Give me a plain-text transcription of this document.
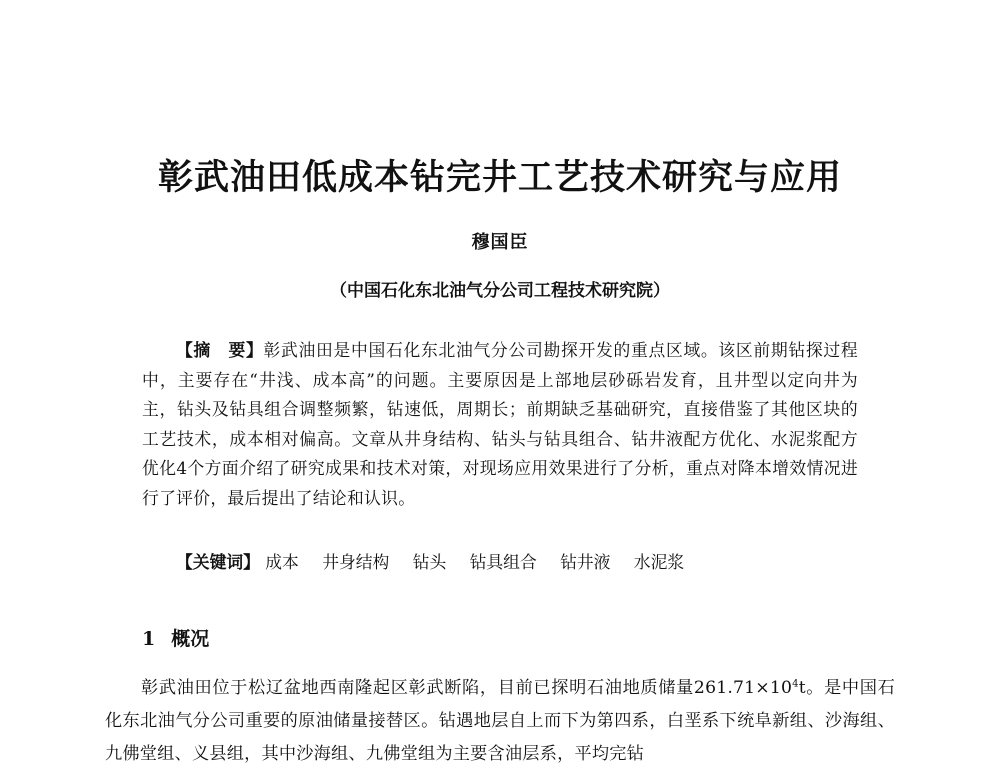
彰武油田低成本钻完井工艺技术研究与应用
穆国臣
（中国石化东北油气分公司工程技术研究院）
【摘　要】彰武油田是中国石化东北油气分公司勘探开发的重点区域。该区前期钻探过程中，主要存在“井浅、成本高”的问题。主要原因是上部地层砂砾岩发育，且井型以定向井为主，钻头及钻具组合调整频繁，钻速低，周期长；前期缺乏基础研究，直接借鉴了其他区块的工艺技术，成本相对偏高。文章从井身结构、钻头与钻具组合、钻井液配方优化、水泥浆配方优化4个方面介绍了研究成果和技术对策，对现场应用效果进行了分析，重点对降本增效情况进行了评价，最后提出了结论和认识。
【关键词】 成本 井身结构 钻头 钻具组合 钻井液 水泥浆
1 概况
彰武油田位于松辽盆地西南隆起区彰武断陷，目前已探明石油地质储量$261.71\times 10^4t$。是中国石化东北油气分公司重要的原油储量接替区。钻遇地层自上而下为第四系，白垩系下统阜新组、沙海组、九佛堂组、义县组，其中沙海组、九佛堂组为主要含油层系，平均完钻
